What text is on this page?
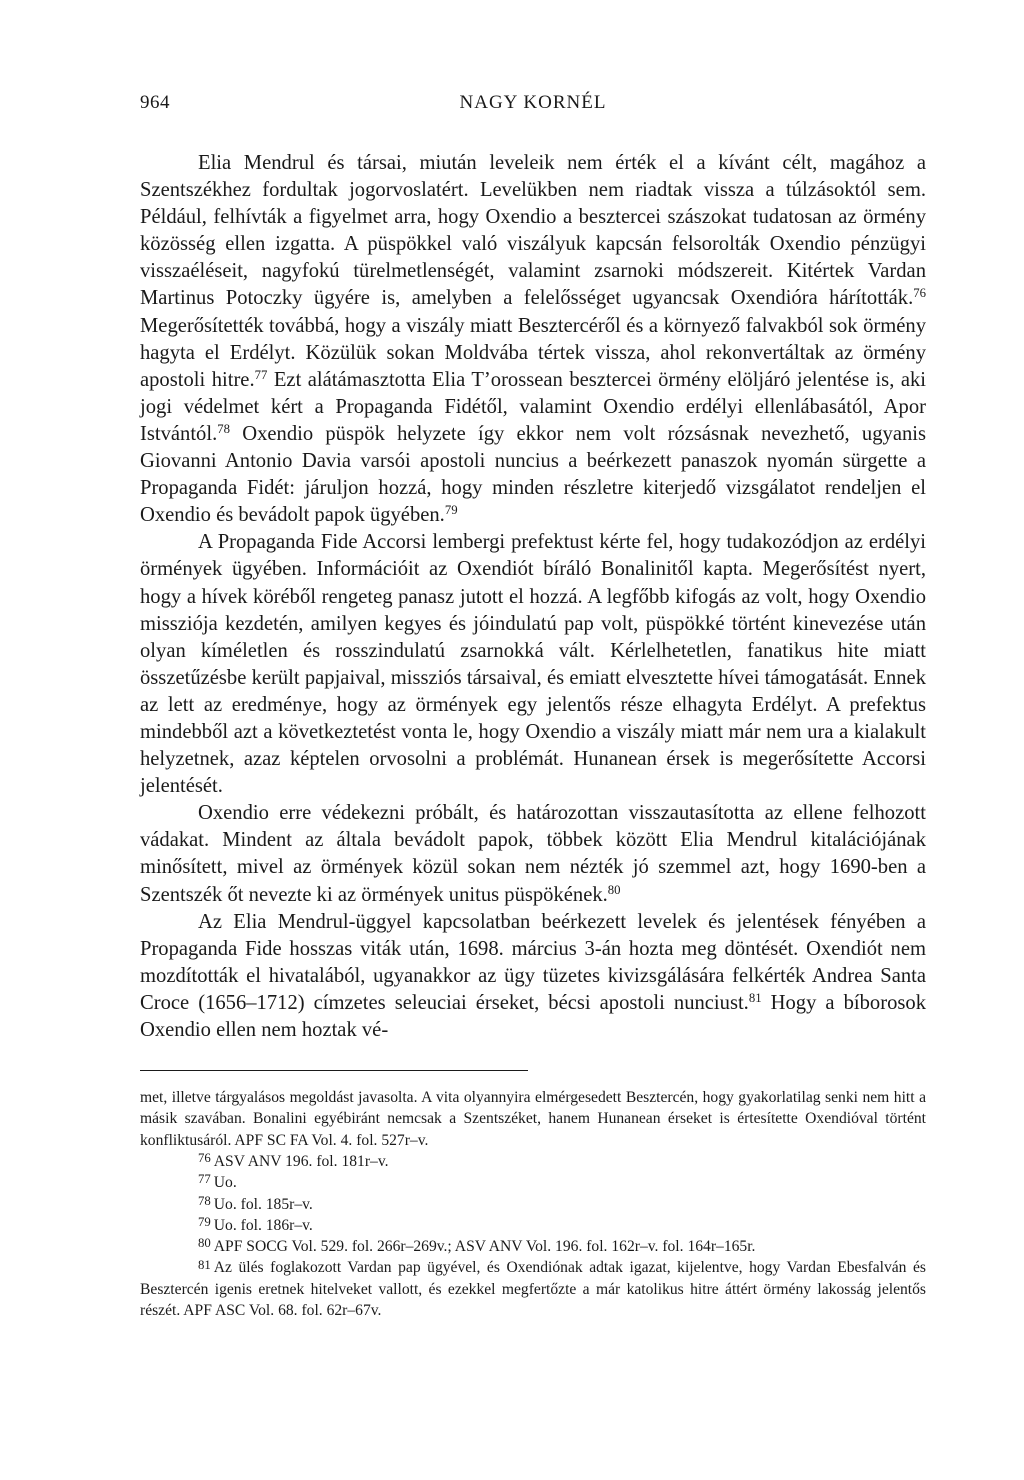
964	NAGY KORNÉL

Elia Mendrul és társai, miután leveleik nem érték el a kívánt célt, magához a Szentszékhez fordultak jogorvoslatért. Levelükben nem riadtak vissza a túlzásoktól sem. Például, felhívták a figyelmet arra, hogy Oxendio a besztercei szászokat tudatosan az örmény közösség ellen izgatta. A püspökkel való viszályuk kapcsán felsorolták Oxendio pénzügyi visszaéléseit, nagyfokú türelmetlenségét, valamint zsarnoki módszereit. Kitértek Vardan Martinus Potoczky ügyére is, amelyben a felelősséget ugyancsak Oxendióra hárították.$^{76}$ Megerősítették továbbá, hogy a viszály miatt Besztercéről és a környező falvakból sok örmény hagyta el Erdélyt. Közülük sokan Moldvába tértek vissza, ahol rekonvertáltak az örmény apostoli hitre.$^{77}$ Ezt alátámasztotta Elia T’orossean besztercei örmény elöljáró jelentése is, aki jogi védelmet kért a Propaganda Fidétől, valamint Oxendio erdélyi ellenlábasától, Apor Istvántól.$^{78}$ Oxendio püspök helyzete így ekkor nem volt rózsásnak nevezhető, ugyanis Giovanni Antonio Davia varsói apostoli nuncius a beérkezett panaszok nyomán sürgette a Propaganda Fidét: járuljon hozzá, hogy minden részletre kiterjedő vizsgálatot rendeljen el Oxendio és bevádolt papok ügyében.$^{79}$

A Propaganda Fide Accorsi lembergi prefektust kérte fel, hogy tudakozódjon az erdélyi örmények ügyében. Információit az Oxendiót bíráló Bonalinitől kapta. Megerősítést nyert, hogy a hívek köréből rengeteg panasz jutott el hozzá. A legfőbb kifogás az volt, hogy Oxendio missziója kezdetén, amilyen kegyes és jóindulatú pap volt, püspökké történt kinevezése után olyan kíméletlen és rosszindulatú zsarnokká vált. Kérlelhetetlen, fanatikus hite miatt összetűzésbe került papjaival, missziós társaival, és emiatt elvesztette hívei támogatását. Ennek az lett az eredménye, hogy az örmények egy jelentős része elhagyta Erdélyt. A prefektus mindebből azt a következtetést vonta le, hogy Oxendio a viszály miatt már nem ura a kialakult helyzetnek, azaz képtelen orvosolni a problémát. Hunanean érsek is megerősítette Accorsi jelentését.

Oxendio erre védekezni próbált, és határozottan visszautasította az ellene felhozott vádakat. Mindent az általa bevádolt papok, többek között Elia Mendrul kitalációjának minősített, mivel az örmények közül sokan nem nézték jó szemmel azt, hogy 1690-ben a Szentszék őt nevezte ki az örmények unitus püspökének.$^{80}$

Az Elia Mendrul-üggyel kapcsolatban beérkezett levelek és jelentések fényében a Propaganda Fide hosszas viták után, 1698. március 3-án hozta meg döntését. Oxendiót nem mozdították el hivatalából, ugyanakkor az ügy tüzetes kivizsgálására felkérték Andrea Santa Croce (1656–1712) címzetes seleuciai érseket, bécsi apostoli nunciust.$^{81}$ Hogy a bíborosok Oxendio ellen nem hoztak vé-

met, illetve tárgyalásos megoldást javasolta. A vita olyannyira elmérgesedett Besztercén, hogy gyakorlatilag senki nem hitt a másik szavában. Bonalini egyébiránt nemcsak a Szentszéket, hanem Hunanean érseket is értesítette Oxendióval történt konfliktusáról. APF SC FA Vol. 4. fol. 527r–v.

$^{76}$ ASV ANV 196. fol. 181r–v.

$^{77}$ Uo.

$^{78}$ Uo. fol. 185r–v.

$^{79}$ Uo. fol. 186r–v.

$^{80}$ APF SOCG Vol. 529. fol. 266r–269v.; ASV ANV Vol. 196. fol. 162r–v. fol. 164r–165r.

$^{81}$ Az ülés foglakozott Vardan pap ügyével, és Oxendiónak adtak igazat, kijelentve, hogy Vardan Ebesfalván és Besztercén igenis eretnek hitelveket vallott, és ezekkel megfertőzte a már katolikus hitre áttért örmény lakosság jelentős részét. APF ASC Vol. 68. fol. 62r–67v.
